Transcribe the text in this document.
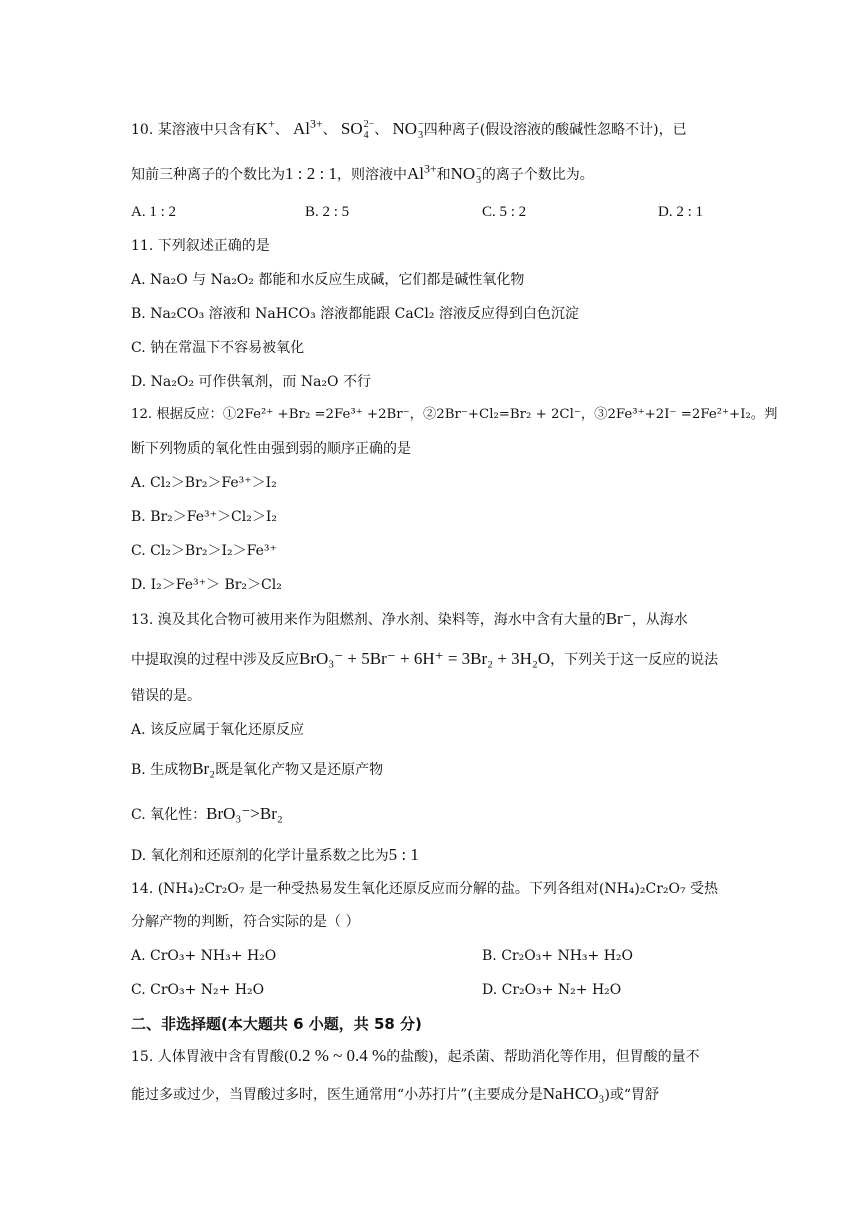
10. 某溶液中只含有K+、 $Al^{3+}$、 SO 2−
4 、 NO −
3 四种离子(假设溶液的酸碱性忽略不计)，已
知前三种离子的个数比为1 : 2 : 1，则溶液中$Al^{3+}$和NO −
3 的离子个数比为。
A. 1 : 2	B. 2 : 5	C. 5 : 2	D. 2 : 1
11. 下列叙述正确的是
A. Na₂O 与 Na₂O₂ 都能和水反应生成碱，它们都是碱性氧化物
B. Na₂CO₃ 溶液和 NaHCO₃ 溶液都能跟 CaCl₂ 溶液反应得到白色沉淀
C. 钠在常温下不容易被氧化
D. Na₂O₂ 可作供氧剂，而 Na₂O 不行
12. 根据反应：①2Fe²⁺ +Br₂ =2Fe³⁺ +2Br⁻，②2Br⁻+Cl₂=Br₂ + 2Cl⁻，③2Fe³⁺+2I⁻ =2Fe²⁺+I₂。判
断下列物质的氧化性由强到弱的顺序正确的是
A. Cl₂＞Br₂＞Fe³⁺＞I₂
B. Br₂＞Fe³⁺＞Cl₂＞I₂
C. Cl₂＞Br₂＞I₂＞Fe³⁺
D. I₂＞Fe³⁺＞ Br₂＞Cl₂
13. 溴及其化合物可被用来作为阻燃剂、净水剂、染料等，海水中含有大量的Br⁻，从海水
中提取溴的过程中涉及反应BrO₃⁻ + 5Br⁻ + 6H⁺ = 3Br₂ + 3H₂O，下列关于这一反应的说法
错误的是。
A. 该反应属于氧化还原反应
B. 生成物Br₂既是氧化产物又是还原产物
C. 氧化性：BrO₃⁻>Br₂
D. 氧化剂和还原剂的化学计量系数之比为5 : 1
14. (NH₄)₂Cr₂O₇ 是一种受热易发生氧化还原反应而分解的盐。下列各组对(NH₄)₂Cr₂O₇ 受热
分解产物的判断，符合实际的是（ ）
A. CrO₃+ NH₃+ H₂O	B. Cr₂O₃+ NH₃+ H₂O
C. CrO₃+ N₂+ H₂O	D. Cr₂O₃+ N₂+ H₂O
二、非选择题(本大题共 6 小题，共 58 分)
15. 人体胃液中含有胃酸(0.2 % ~ 0.4 %的盐酸)，起杀菌、帮助消化等作用，但胃酸的量不
能过多或过少，当胃酸过多时，医生通常用“小苏打片”(主要成分是NaHCO₃)或“胃舒
